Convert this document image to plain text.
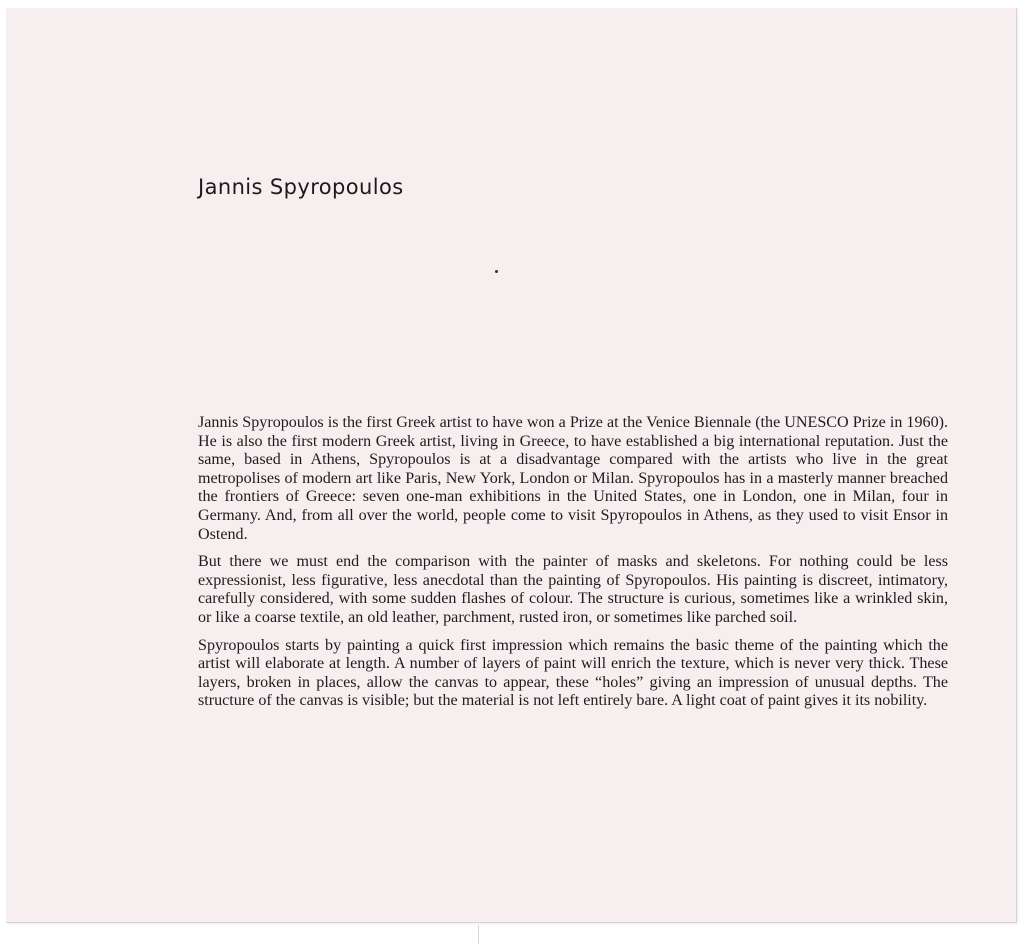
Jannis Spyropoulos

Jannis Spyropoulos is the first Greek artist to have won a Prize at the Venice Biennale (the UNESCO Prize in 1960). He is also the first modern Greek artist, living in Greece, to have established a big international reputation. Just the same, based in Athens, Spyropoulos is at a disadvantage compared with the artists who live in the great metropolises of modern art like Paris, New York, London or Milan. Spyropoulos has in a masterly manner breached the frontiers of Greece: seven one-man exhibitions in the United States, one in London, one in Milan, four in Germany. And, from all over the world, people come to visit Spyropoulos in Athens, as they used to visit Ensor in Ostend.

But there we must end the comparison with the painter of masks and skeletons. For nothing could be less expressionist, less figurative, less anecdotal than the painting of Spyropoulos. His painting is discreet, intimatory, carefully considered, with some sudden flashes of colour. The structure is curious, sometimes like a wrinkled skin, or like a coarse textile, an old leather, parchment, rusted iron, or sometimes like parched soil.

Spyropoulos starts by painting a quick first impression which remains the basic theme of the painting which the artist will elaborate at length. A number of layers of paint will enrich the texture, which is never very thick. These layers, broken in places, allow the canvas to appear, these “holes” giving an impression of unusual depths. The structure of the canvas is visible; but the material is not left entirely bare. A light coat of paint gives it its nobility.
